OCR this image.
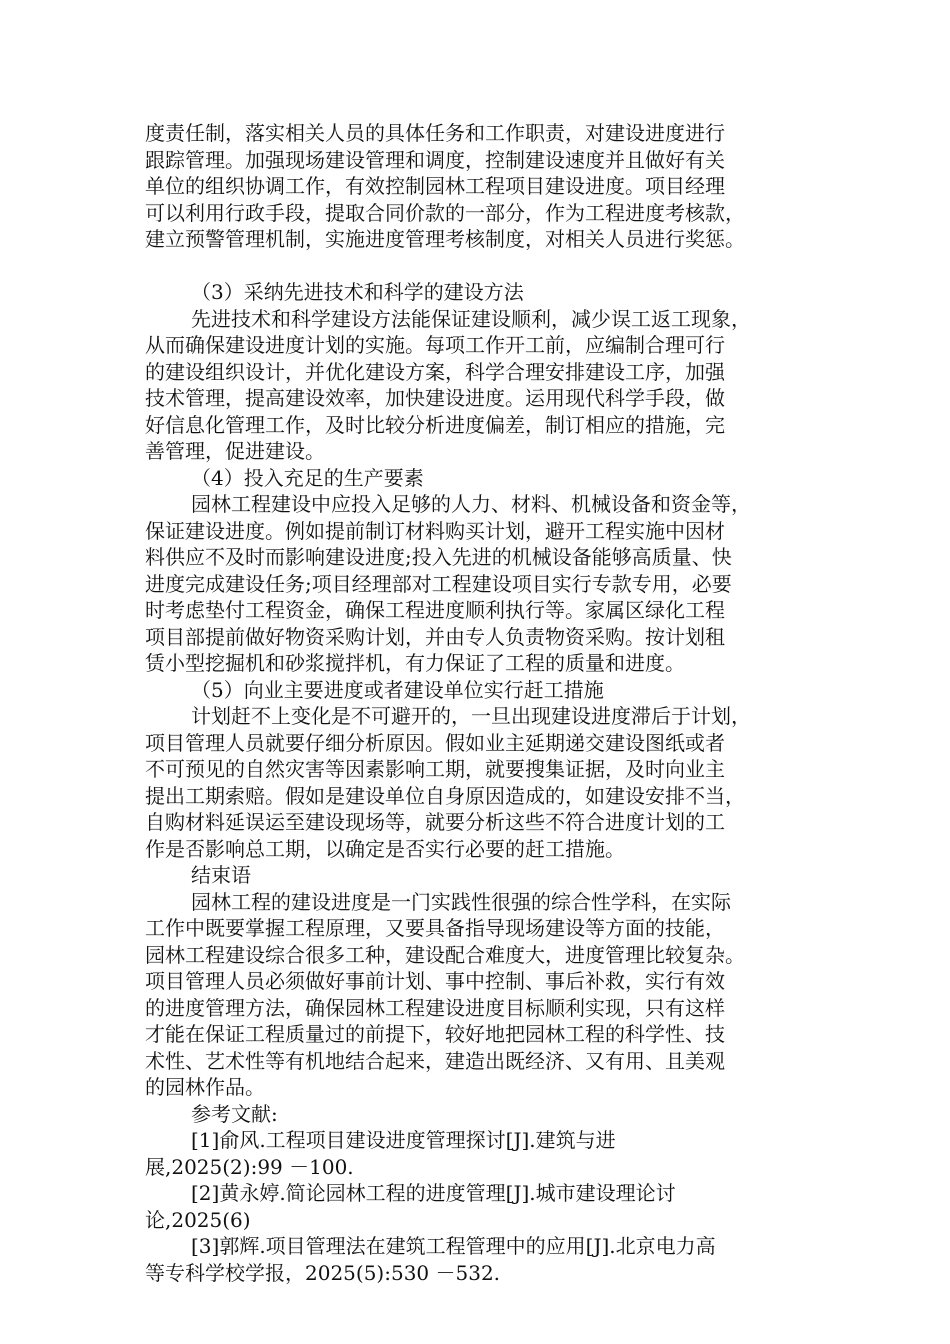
度责任制，落实相关人员的具体任务和工作职责，对建设进度进行
跟踪管理。加强现场建设管理和调度，控制建设速度并且做好有关
单位的组织协调工作，有效控制园林工程项目建设进度。项目经理
可以利用行政手段，提取合同价款的一部分，作为工程进度考核款，
建立预警管理机制，实施进度管理考核制度，对相关人员进行奖惩。
（3）采纳先进技术和科学的建设方法
先进技术和科学建设方法能保证建设顺利，减少误工返工现象，
从而确保建设进度计划的实施。每项工作开工前，应编制合理可行
的建设组织设计，并优化建设方案，科学合理安排建设工序，加强
技术管理，提高建设效率，加快建设进度。运用现代科学手段，做
好信息化管理工作，及时比较分析进度偏差，制订相应的措施，完
善管理，促进建设。
（4）投入充足的生产要素
园林工程建设中应投入足够的人力、材料、机械设备和资金等，
保证建设进度。例如提前制订材料购买计划，避开工程实施中因材
料供应不及时而影响建设进度;投入先进的机械设备能够高质量、快
进度完成建设任务;项目经理部对工程建设项目实行专款专用，必要
时考虑垫付工程资金，确保工程进度顺利执行等。家属区绿化工程
项目部提前做好物资采购计划，并由专人负责物资采购。按计划租
赁小型挖掘机和砂浆搅拌机，有力保证了工程的质量和进度。
（5）向业主要进度或者建设单位实行赶工措施
计划赶不上变化是不可避开的，一旦出现建设进度滞后于计划，
项目管理人员就要仔细分析原因。假如业主延期递交建设图纸或者
不可预见的自然灾害等因素影响工期，就要搜集证据，及时向业主
提出工期索赔。假如是建设单位自身原因造成的，如建设安排不当，
自购材料延误运至建设现场等，就要分析这些不符合进度计划的工
作是否影响总工期，以确定是否实行必要的赶工措施。
结束语
园林工程的建设进度是一门实践性很强的综合性学科，在实际
工作中既要掌握工程原理，又要具备指导现场建设等方面的技能，
园林工程建设综合很多工种，建设配合难度大，进度管理比较复杂。
项目管理人员必须做好事前计划、事中控制、事后补救，实行有效
的进度管理方法，确保园林工程建设进度目标顺利实现，只有这样
才能在保证工程质量过的前提下，较好地把园林工程的科学性、技
术性、艺术性等有机地结合起来，建造出既经济、又有用、且美观
的园林作品。
参考文献:
[1]俞风.工程项目建设进度管理探讨[J].建筑与进
展,2025(2):99 －100.
[2]黄永婷.简论园林工程的进度管理[J].城市建设理论讨
论,2025(6)
[3]郭辉.项目管理法在建筑工程管理中的应用[J].北京电力高
等专科学校学报，2025(5):530 －532.
